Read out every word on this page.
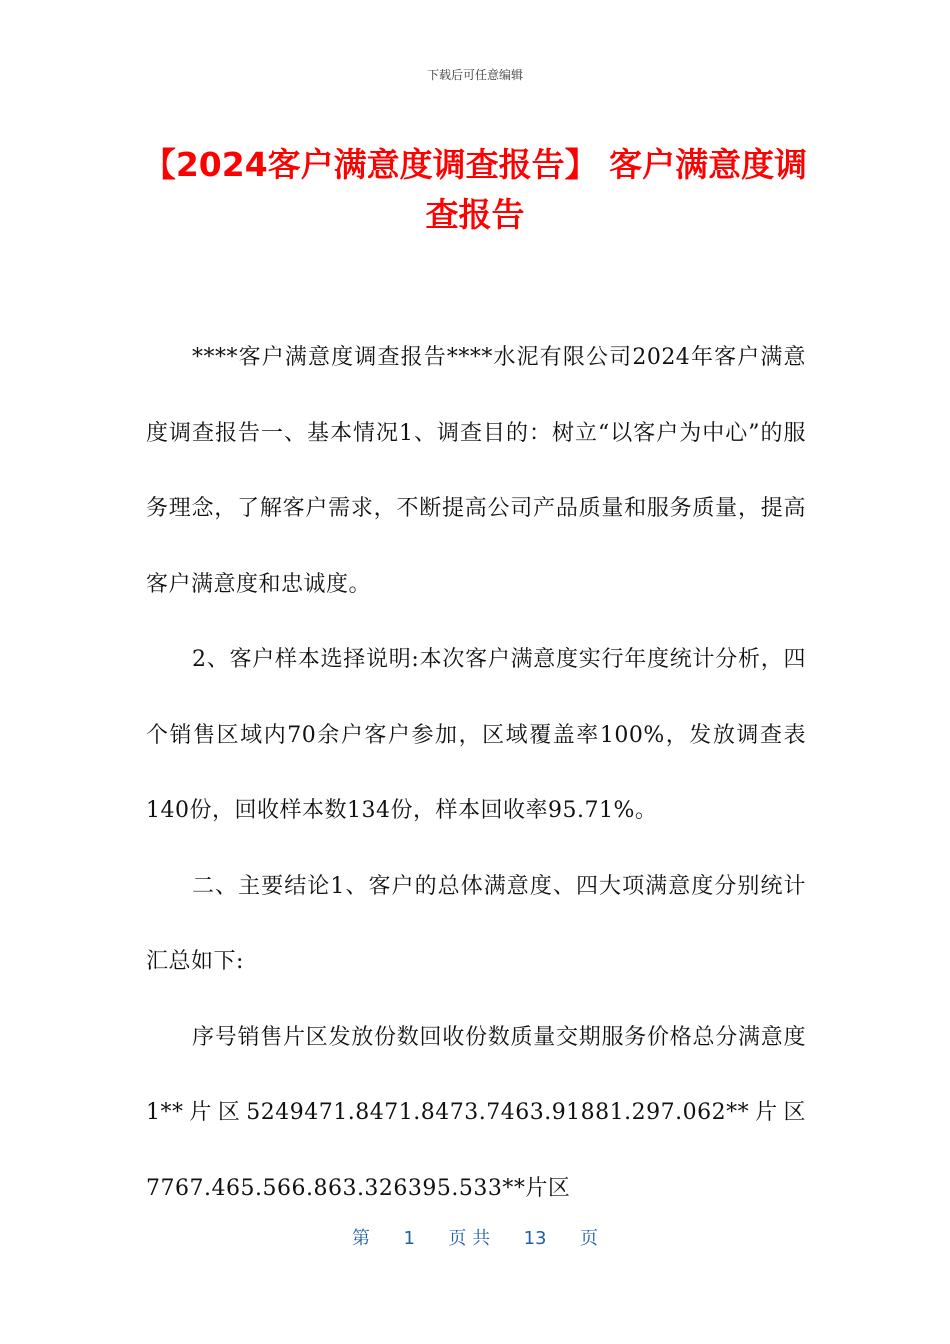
下载后可任意编辑
【2024客户满意度调查报告】 客户满意度调查报告

****客户满意度调查报告****水泥有限公司2024年客户满意度调查报告一、基本情况1、调查目的：树立“以客户为中心”的服务理念，了解客户需求，不断提高公司产品质量和服务质量，提高客户满意度和忠诚度。

2、客户样本选择说明:本次客户满意度实行年度统计分析，四个销售区域内70余户客户参加，区域覆盖率100%，发放调查表140份，回收样本数134份，样本回收率95.71%。

二、主要结论1、客户的总体满意度、四大项满意度分别统计汇总如下:

序号销售片区发放份数回收份数质量交期服务价格总分满意度1**片区5249471.8471.8473.7463.91881.297.062**片区7767.465.566.863.326395.533**片区

第 1 页 共 13 页
